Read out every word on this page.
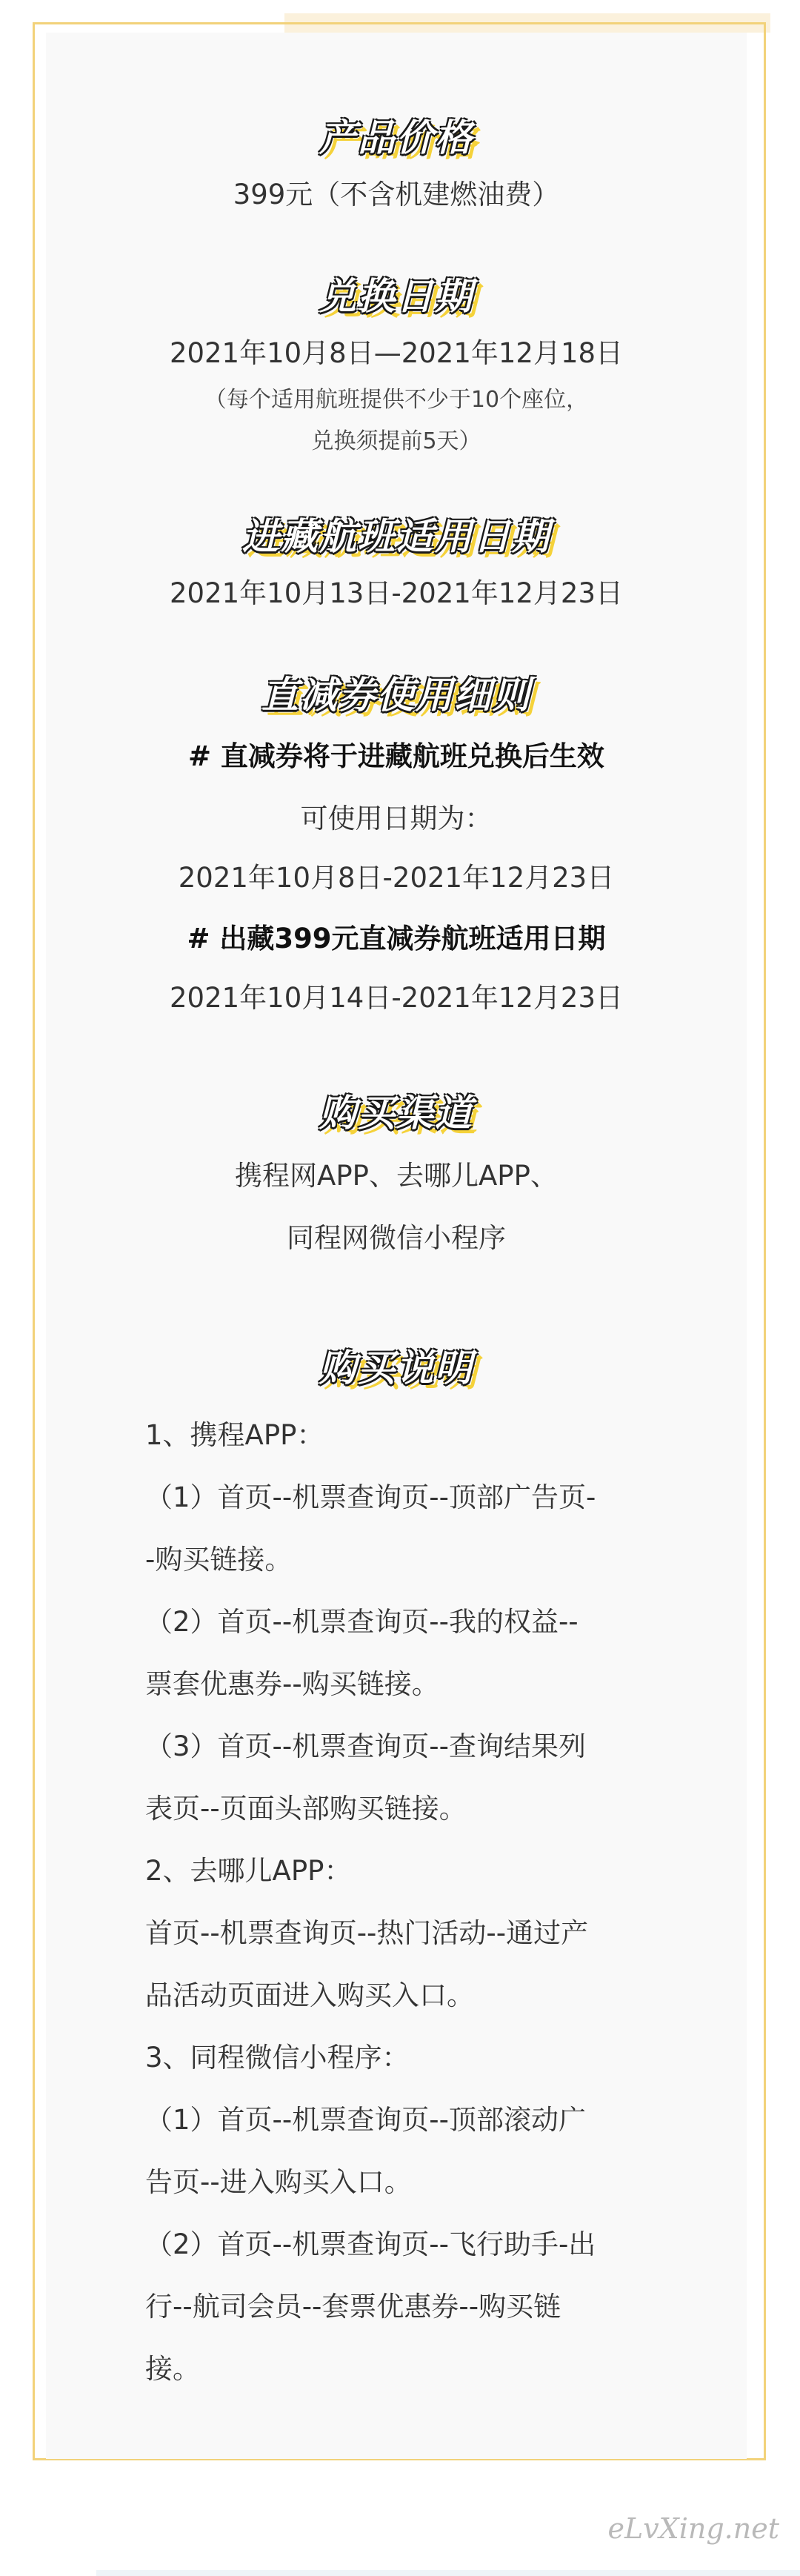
产品价格
399元（不含机建燃油费）
兑换日期
2021年10月8日—2021年12月18日
（每个适用航班提供不少于10个座位，
兑换须提前5天）
进藏航班适用日期
2021年10月13日-2021年12月23日
直减券使用细则
# 直减券将于进藏航班兑换后生效
可使用日期为：
2021年10月8日-2021年12月23日
# 出藏399元直减券航班适用日期
2021年10月14日-2021年12月23日
购买渠道
携程网APP、去哪儿APP、
同程网微信小程序
购买说明
1、携程APP：
（1）首页--机票查询页--顶部广告页-
-购买链接。
（2）首页--机票查询页--我的权益--
票套优惠券--购买链接。
（3）首页--机票查询页--查询结果列
表页--页面头部购买链接。
2、去哪儿APP：
首页--机票查询页--热门活动--通过产
品活动页面进入购买入口。
3、同程微信小程序：
（1）首页--机票查询页--顶部滚动广
告页--进入购买入口。
（2）首页--机票查询页--飞行助手-出
行--航司会员--套票优惠券--购买链
接。
eLvXing.net
